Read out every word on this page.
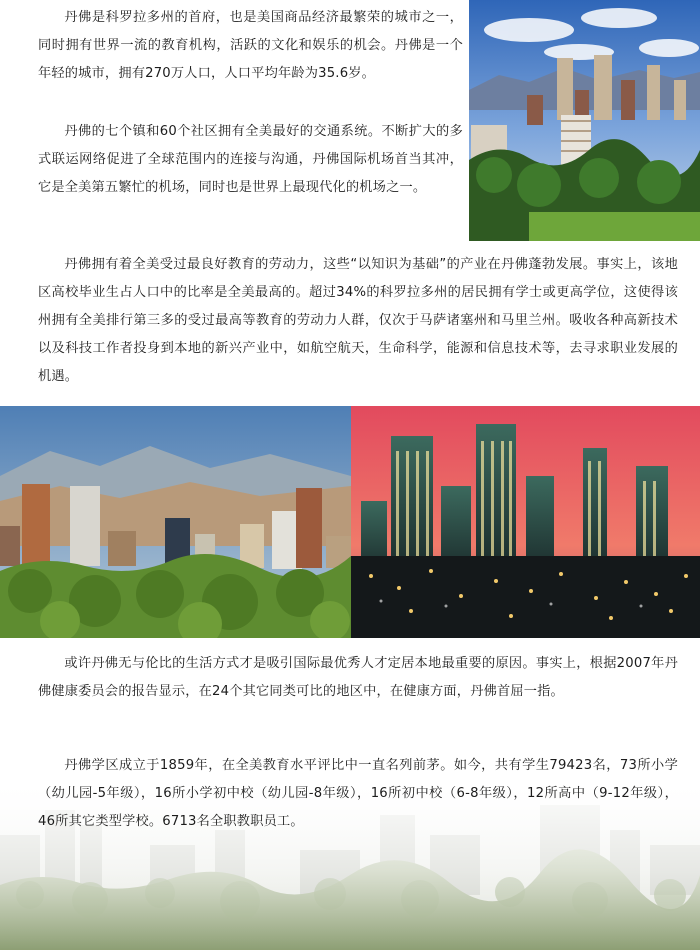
丹佛是科罗拉多州的首府，也是美国商品经济最繁荣的城市之一，同时拥有世界一流的教育机构，活跃的文化和娱乐的机会。丹佛是一个年轻的城市，拥有270万人口，人口平均年龄为35.6岁。

丹佛的七个镇和60个社区拥有全美最好的交通系统。不断扩大的多式联运网络促进了全球范围内的连接与沟通，丹佛国际机场首当其冲，它是全美第五繁忙的机场，同时也是世界上最现代化的机场之一。

丹佛拥有着全美受过最良好教育的劳动力，这些“以知识为基础”的产业在丹佛蓬勃发展。事实上，该地区高校毕业生占人口中的比率是全美最高的。超过34%的科罗拉多州的居民拥有学士或更高学位，这使得该州拥有全美排行第三多的受过最高等教育的劳动力人群，仅次于马萨诸塞州和马里兰州。吸收各种高新技术以及科技工作者投身到本地的新兴产业中，如航空航天，生命科学，能源和信息技术等，去寻求职业发展的机遇。

或许丹佛无与伦比的生活方式才是吸引国际最优秀人才定居本地最重要的原因。事实上，根据2007年丹佛健康委员会的报告显示，在24个其它同类可比的地区中，在健康方面，丹佛首屈一指。

丹佛学区成立于1859年，在全美教育水平评比中一直名列前茅。如今，共有学生79423名，73所小学（幼儿园-5年级），16所小学初中校（幼儿园-8年级），16所初中校（6-8年级），12所高中（9-12年级），46所其它类型学校。6713名全职教职员工。
